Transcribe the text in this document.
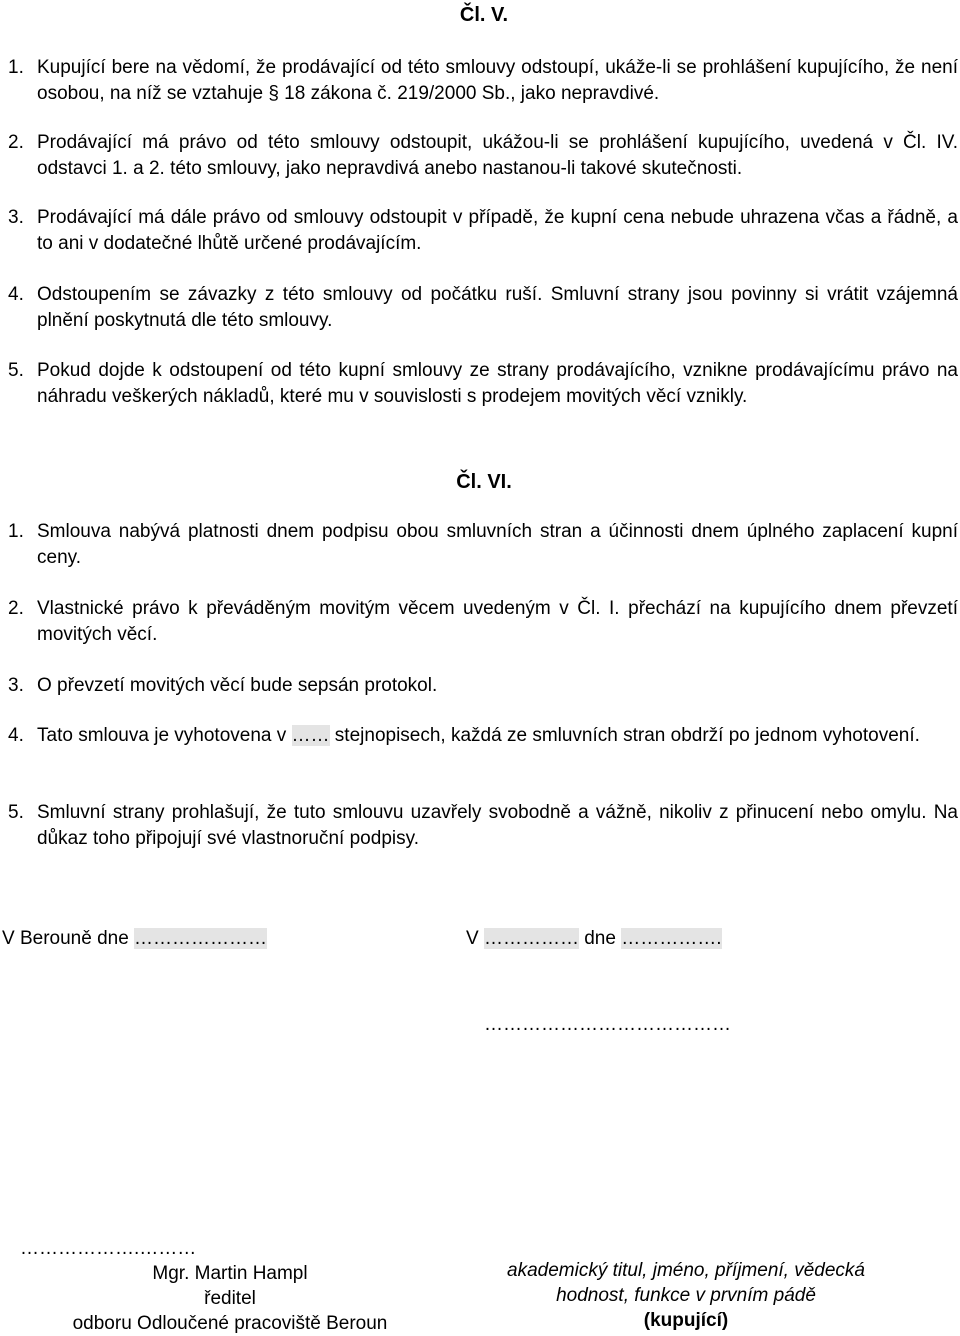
Čl. V.
1. Kupující bere na vědomí, že prodávající od této smlouvy odstoupí, ukáže-li se prohlášení kupujícího, že není osobou, na níž se vztahuje § 18 zákona č. 219/2000 Sb., jako nepravdivé.
2. Prodávající má právo od této smlouvy odstoupit, ukážou-li se prohlášení kupujícího, uvedená v Čl. IV. odstavci 1. a 2. této smlouvy, jako nepravdivá anebo nastanou-li takové skutečnosti.
3. Prodávající má dále právo od smlouvy odstoupit v případě, že kupní cena nebude uhrazena včas a řádně, a to ani v dodatečné lhůtě určené prodávajícím.
4. Odstoupením se závazky z této smlouvy od počátku ruší. Smluvní strany jsou povinny si vrátit vzájemná plnění poskytnutá dle této smlouvy.
5. Pokud dojde k odstoupení od této kupní smlouvy ze strany prodávajícího, vznikne prodávajícímu právo na náhradu veškerých nákladů, které mu v souvislosti s prodejem movitých věcí vznikly.
Čl. VI.
1. Smlouva nabývá platnosti dnem podpisu obou smluvních stran a účinnosti dnem úplného zaplacení kupní ceny.
2. Vlastnické právo k převáděným movitým věcem uvedeným v Čl. I. přechází na kupujícího dnem převzetí movitých věcí.
3. O převzetí movitých věcí bude sepsán protokol.
4. Tato smlouva je vyhotovena v …… stejnopisech, každá ze smluvních stran obdrží po jednom vyhotovení.
5. Smluvní strany prohlašují, že tuto smlouvu uzavřely svobodně a vážně, nikoliv z přinucení nebo omylu. Na důkaz toho připojují své vlastnoruční podpisy.
V Berouně dne …………………	V …………… dne …………….
…………………………………
……………….………
Mgr. Martin Hampl
ředitel
odboru Odloučené pracoviště Beroun
akademický titul, jméno, příjmení, vědecká
hodnost, funkce v prvním pádě
(kupující)
